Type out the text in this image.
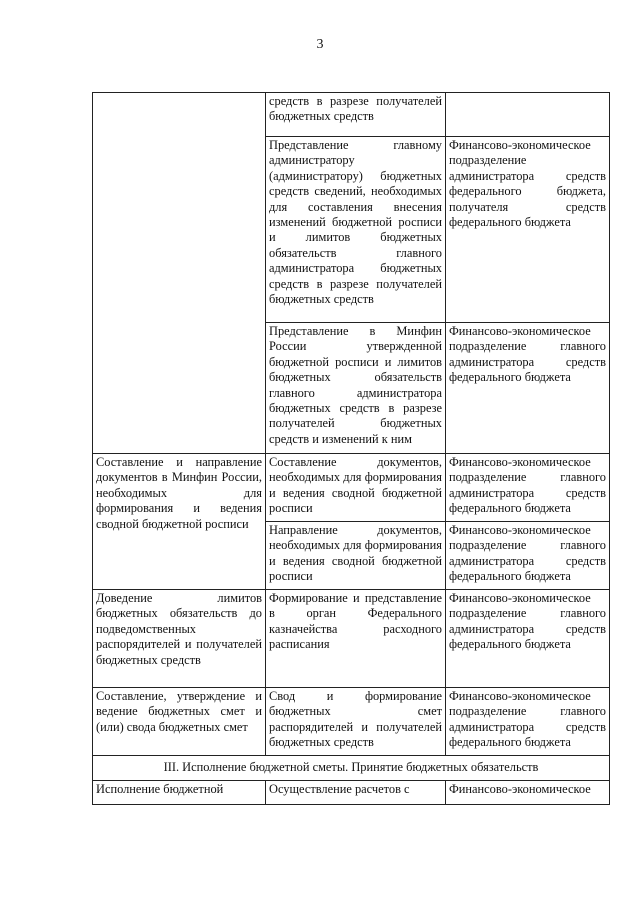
3
	средств в разрезе получателей бюджетных средств	
	Представление главному администратору (администратору) бюджетных средств сведений, необходимых для составления внесения изменений бюджетной росписи и лимитов бюджетных обязательств главного администратора бюджетных средств в разрезе получателей бюджетных средств	Финансово-экономическое подразделение администратора средств федерального бюджета, получателя средств федерального бюджета
	Представление в Минфин России утвержденной бюджетной росписи и лимитов бюджетных обязательств главного администратора бюджетных средств в разрезе получателей бюджетных средств и изменений к ним	Финансово-экономическое подразделение главного администратора средств федерального бюджета
Составление и направление документов в Минфин России, необходимых для формирования и ведения сводной бюджетной росписи	Составление документов, необходимых для формирования и ведения сводной бюджетной росписи	Финансово-экономическое подразделение главного администратора средств федерального бюджета
	Направление документов, необходимых для формирования и ведения сводной бюджетной росписи	Финансово-экономическое подразделение главного администратора средств федерального бюджета
Доведение лимитов бюджетных обязательств до подведомственных распорядителей и получателей бюджетных средств	Формирование и представление в орган Федерального казначейства расходного расписания	Финансово-экономическое подразделение главного администратора средств федерального бюджета
Составление, утверждение и ведение бюджетных смет и (или) свода бюджетных смет	Свод и формирование бюджетных смет распорядителей и получателей бюджетных средств	Финансово-экономическое подразделение главного администратора средств федерального бюджета
III. Исполнение бюджетной сметы. Принятие бюджетных обязательств		
Исполнение бюджетной	Осуществление расчетов с	Финансово-экономическое
